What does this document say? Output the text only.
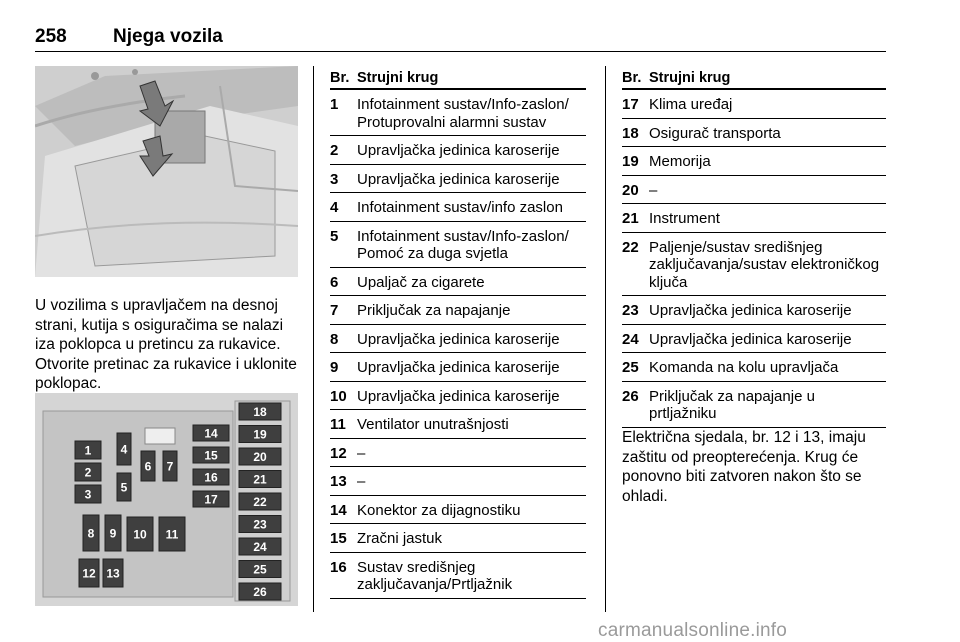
258 Njega vozila

U vozilima s upravljačem na desnoj strani, kutija s osiguračima se nalazi iza poklopca u pretincu za rukavice. Otvorite pretinac za rukavice i uklonite poklopac.

1
2
3
4
5
6 7
8 9 10 11
12 13
14
15
16
17
18
19
20
21
22
23
24
25
26
Br. Strujni krug
1 Infotainment sustav/Info-zaslon/ Protuprovalni alarmni sustav
2 Upravljačka jedinica karoserije
3 Upravljačka jedinica karoserije
4 Infotainment sustav/info zaslon
5 Infotainment sustav/Info-zaslon/ Pomoć za duga svjetla
6 Upaljač za cigarete
7 Priključak za napajanje
8 Upravljačka jedinica karoserije
9 Upravljačka jedinica karoserije
10 Upravljačka jedinica karoserije
11 Ventilator unutrašnjosti
12 –
13 –
14 Konektor za dijagnostiku
15 Zračni jastuk
16 Sustav središnjeg zaključavanja/Prtljažnik
Br. Strujni krug
17 Klima uređaj
18 Osigurač transporta
19 Memorija
20 –
21 Instrument
22 Paljenje/sustav središnjeg zaključavanja/sustav elektroničkog ključa
23 Upravljačka jedinica karoserije
24 Upravljačka jedinica karoserije
25 Komanda na kolu upravljača
26 Priključak za napajanje u prtljažniku

Električna sjedala, br. 12 i 13, imaju zaštitu od preopterećenja. Krug će ponovno biti zatvoren nakon što se ohladi.

carmanualsonline.info
